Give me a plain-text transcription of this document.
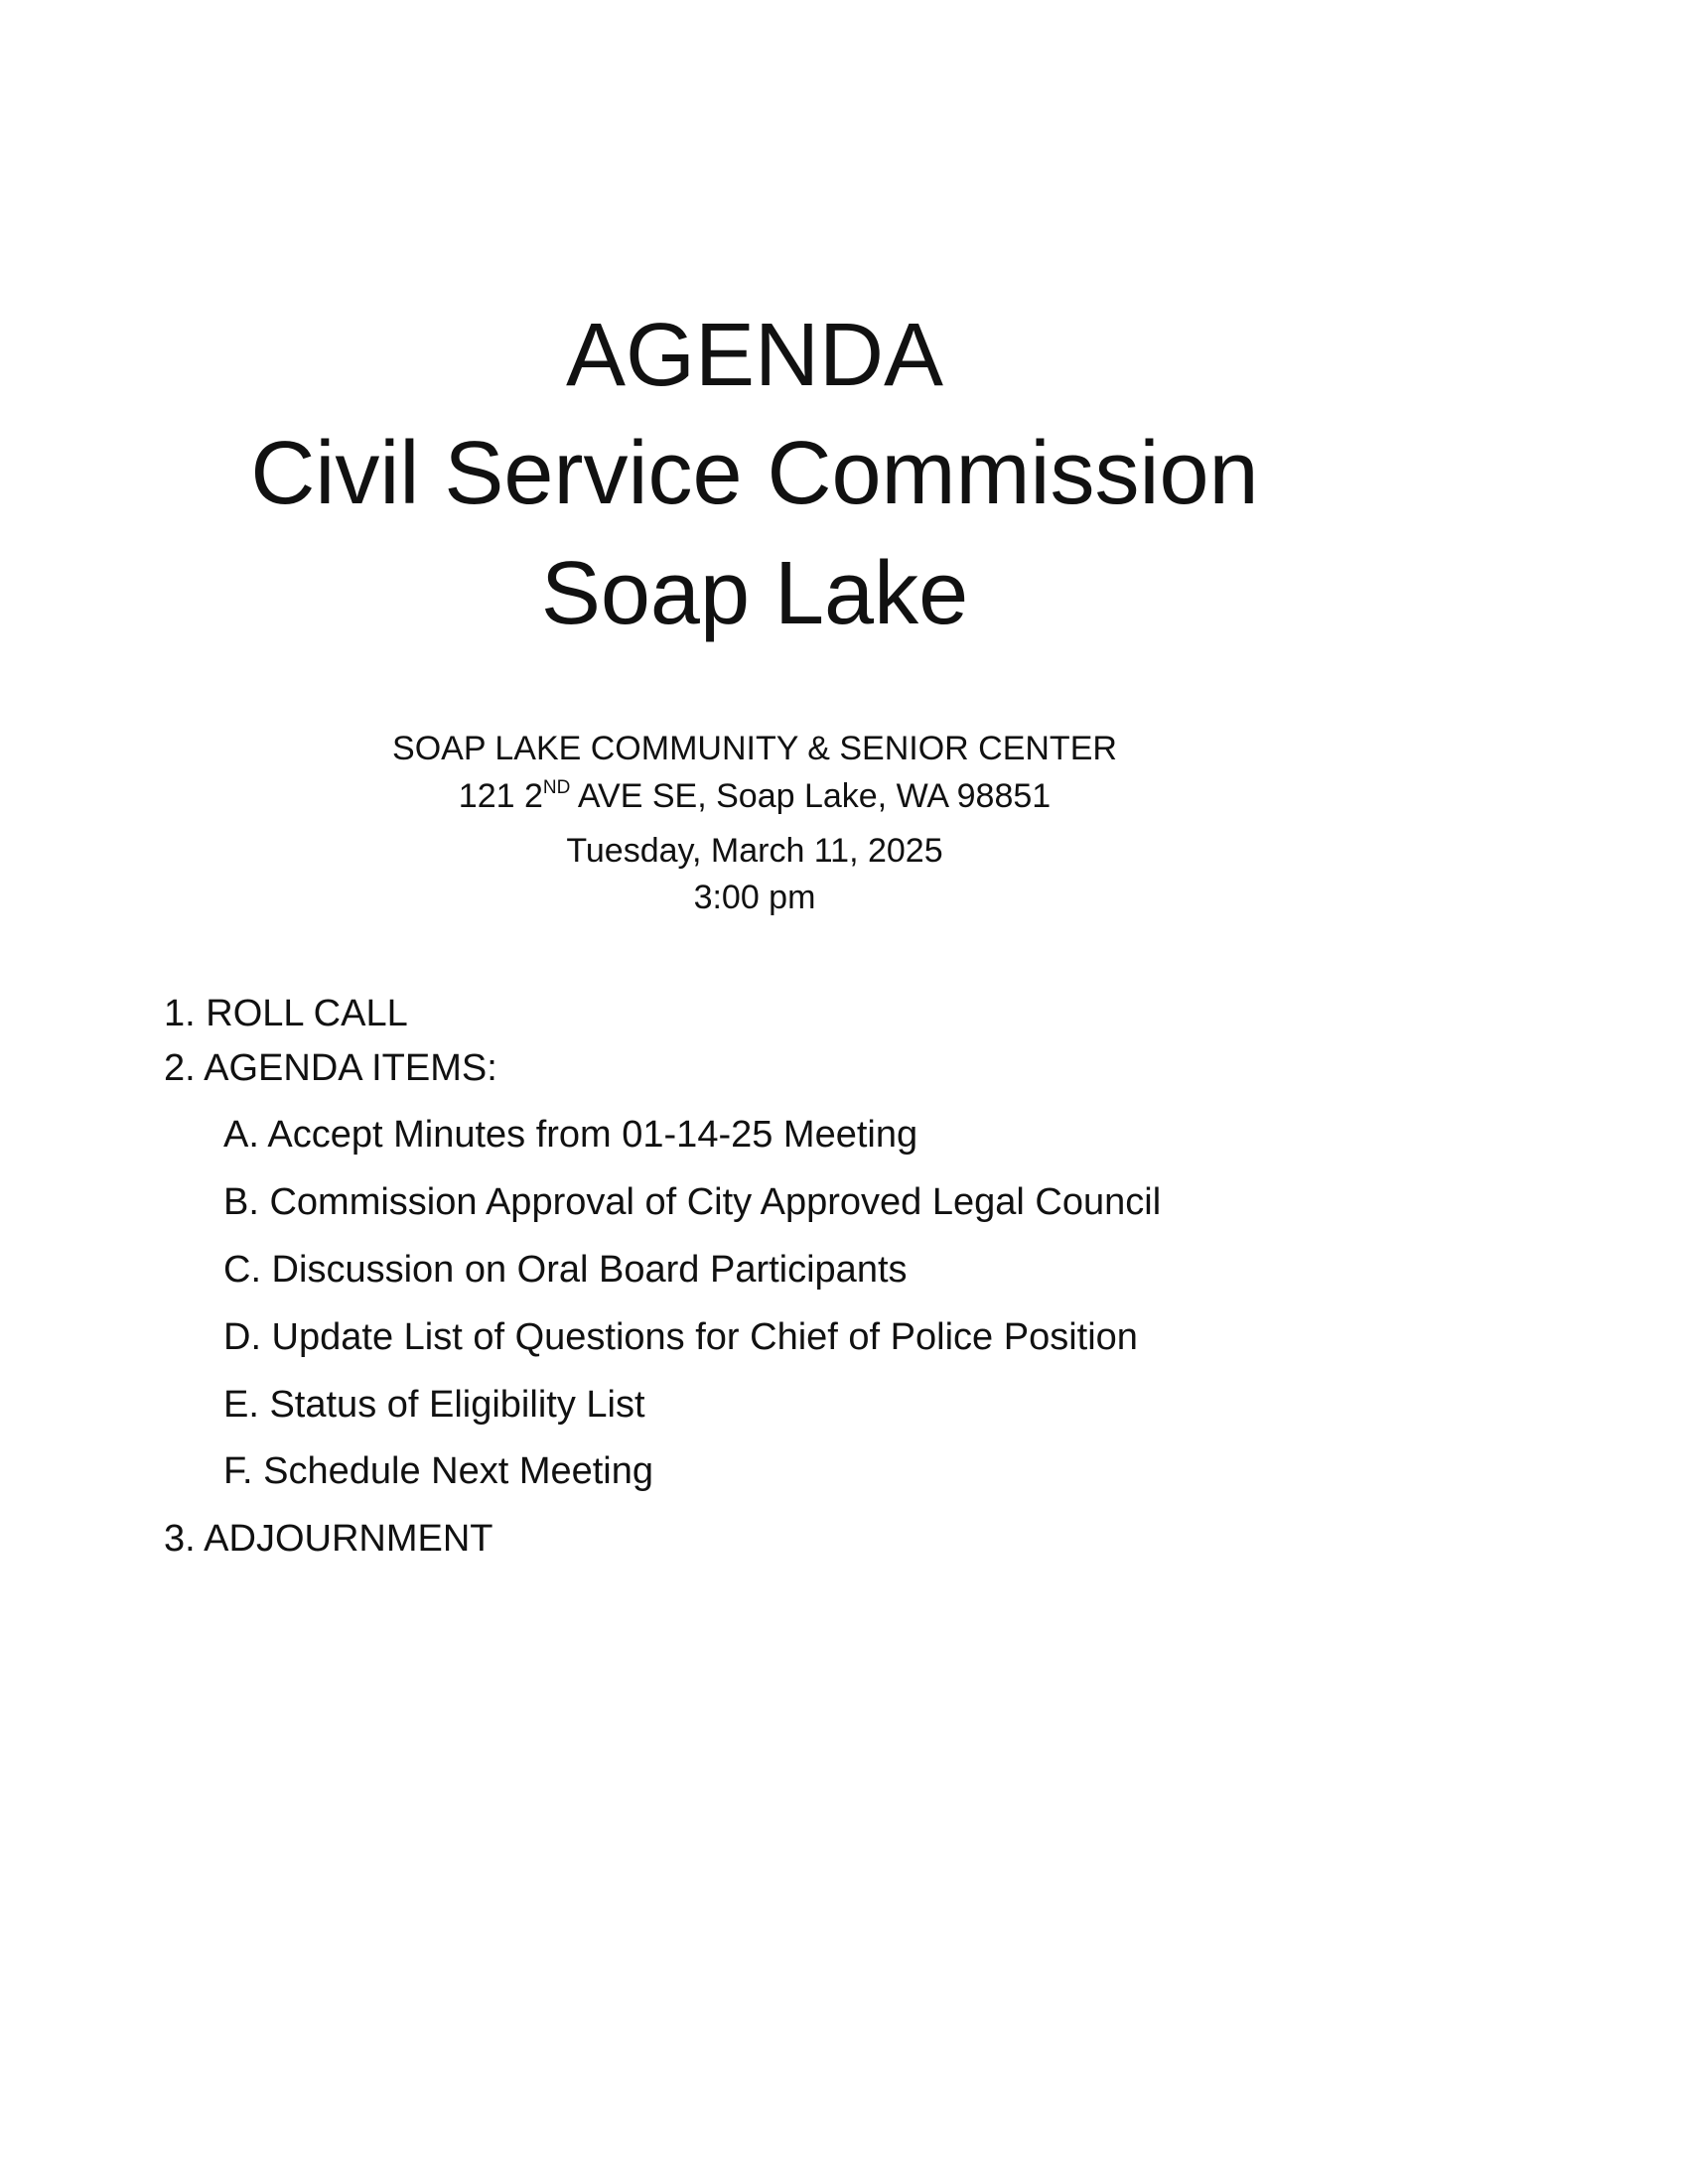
AGENDA
Civil Service Commission
Soap Lake
SOAP LAKE COMMUNITY & SENIOR CENTER
121 2ND AVE SE, Soap Lake, WA 98851
Tuesday, March 11, 2025
3:00 pm
1. ROLL CALL
2. AGENDA ITEMS:
A. Accept Minutes from 01-14-25 Meeting
B. Commission Approval of City Approved Legal Council
C. Discussion on Oral Board Participants
D. Update List of Questions for Chief of Police Position
E. Status of Eligibility List
F. Schedule Next Meeting
3. ADJOURNMENT
